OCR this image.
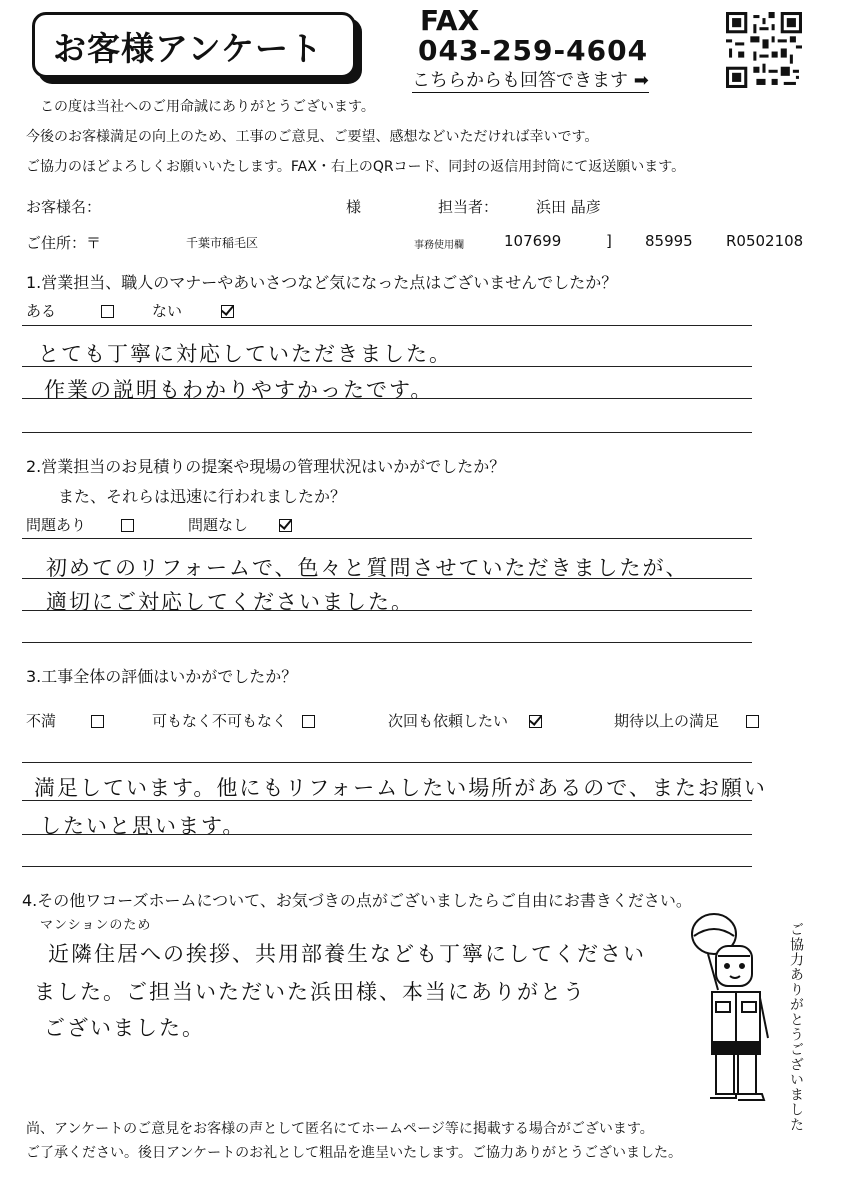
お客様アンケート
FAX
043-259-4604
こちらからも回答できます ➡
この度は当社へのご用命誠にありがとうございます。
今後のお客様満足の向上のため、工事のご意見、ご要望、感想などいただければ幸いです。
ご協力のほどよろしくお願いいたします。FAX・右上のQRコード、同封の返信用封筒にて返送願います。
お客様名：	様	担当者：	浜田 晶彦
ご住所：〒	千葉市稲毛区	事務使用欄	107699	] 85995 R0502108
1.営業担当、職人のマナーやあいさつなど気になった点はございませんでしたか？
ある	ない
とても丁寧に対応していただきました。
作業の説明もわかりやすかったです。
2.営業担当のお見積りの提案や現場の管理状況はいかがでしたか？
また、それらは迅速に行われましたか？
問題あり	問題なし
初めてのリフォームで、色々と質問させていただきましたが、
適切にご対応してくださいました。
3.工事全体の評価はいかがでしたか？
不満	可もなく不可もなく	次回も依頼したい	期待以上の満足
満足しています。他にもリフォームしたい場所があるので、またお願い
したいと思います。
4.その他ワコーズホームについて、お気づきの点がございましたらご自由にお書きください。
マンションのため
近隣住居への挨拶、共用部養生なども丁寧にしてください
ました。ご担当いただいた浜田様、本当にありがとう
ございました。	ご協力ありがとうございました
尚、アンケートのご意見をお客様の声として匿名にてホームページ等に掲載する場合がございます。
ご了承ください。後日アンケートのお礼として粗品を進呈いたします。ご協力ありがとうございました。
